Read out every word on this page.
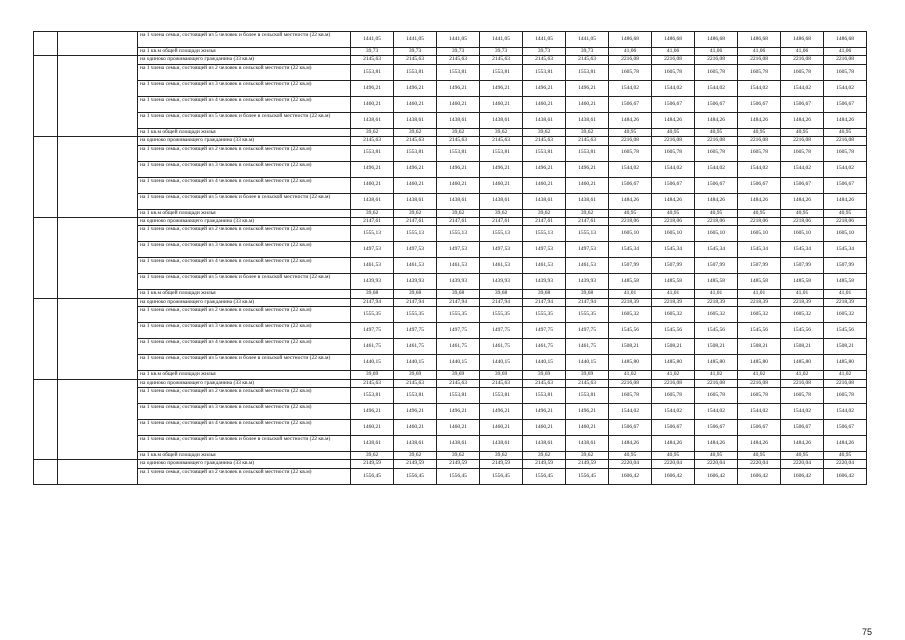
		на 1 члена семьи, состоящей из 5 человек и более в сельской местности (22 кв.м)	1441,05	1441,05	1441,05	1441,05	1441,05	1441,05	1486,68	1486,68	1486,68	1486,68	1486,68	1486,68
		на 1 кв.м общей площади жилья	39,73	39,73	39,73	39,73	39,73	39,73	41,06	41,06	41,06	41,06	41,06	41,06
		на одиноко проживающего гражданина (33 кв.м)	2145,63	2145,63	2145,63	2145,63	2145,63	2145,63	2216,08	2216,08	2216,08	2216,08	2216,08	2216,08
		на 1 члена семьи, состоящей из 2 человек в сельской местности (22 кв.м)	1553,81	1553,81	1553,81	1553,81	1553,81	1553,81	1605,78	1605,78	1605,78	1605,78	1605,78	1605,78
		на 1 члена семьи, состоящей из 3 человек в сельской местности (22 кв.м)	1496,21	1496,21	1496,21	1496,21	1496,21	1496,21	1544,02	1544,02	1544,02	1544,02	1544,02	1544,02
		на 1 члена семьи, состоящей из 4 человек в сельской местности (22 кв.м)	1460,21	1460,21	1460,21	1460,21	1460,21	1460,21	1506,67	1506,67	1506,67	1506,67	1506,67	1506,67
		на 1 члена семьи, состоящей из 5 человек и более в сельской местности (22 кв.м)	1438,61	1438,61	1438,61	1438,61	1438,61	1438,61	1484,26	1484,26	1484,26	1484,26	1484,26	1484,26
		на 1 кв.м общей площади жилья	39,62	39,62	39,62	39,62	39,62	39,62	40,95	40,95	40,95	40,95	40,95	40,95
		на одиноко проживающего гражданина (33 кв.м)	2145,63	2145,63	2145,63	2145,63	2145,63	2145,63	2216,08	2216,08	2216,08	2216,08	2216,08	2216,08
		на 1 члена семьи, состоящей из 2 человек в сельской местности (22 кв.м)	1553,81	1553,81	1553,81	1553,81	1553,81	1553,81	1605,78	1605,78	1605,78	1605,78	1605,78	1605,78
		на 1 члена семьи, состоящей из 3 человек в сельской местности (22 кв.м)	1496,21	1496,21	1496,21	1496,21	1496,21	1496,21	1544,02	1544,02	1544,02	1544,02	1544,02	1544,02
		на 1 члена семьи, состоящей из 4 человек в сельской местности (22 кв.м)	1460,21	1460,21	1460,21	1460,21	1460,21	1460,21	1506,67	1506,67	1506,67	1506,67	1506,67	1506,67
		на 1 члена семьи, состоящей из 5 человек и более в сельской местности (22 кв.м)	1438,61	1438,61	1438,61	1438,61	1438,61	1438,61	1484,26	1484,26	1484,26	1484,26	1484,26	1484,26
		на 1 кв.м общей площади жилья	39,62	39,62	39,62	39,62	39,62	39,62	40,95	40,95	40,95	40,95	40,95	40,95
		на одиноко проживающего гражданина (33 кв.м)	2147,61	2147,61	2147,61	2147,61	2147,61	2147,61	2218,06	2218,06	2218,06	2218,06	2218,06	2218,06
		на 1 члена семьи, состоящей из 2 человек в сельской местности (22 кв.м)	1555,13	1555,13	1555,13	1555,13	1555,13	1555,13	1605,10	1605,10	1605,10	1605,10	1605,10	1605,10
		на 1 члена семьи, состоящей из 3 человек в сельской местности (22 кв.м)	1497,53	1497,53	1497,53	1497,53	1497,53	1497,53	1545,34	1545,34	1545,34	1545,34	1545,34	1545,34
		на 1 члена семьи, состоящей из 4 человек в сельской местности (22 кв.м)	1461,53	1461,53	1461,53	1461,53	1461,53	1461,53	1507,99	1507,99	1507,99	1507,99	1507,99	1507,99
		на 1 члена семьи, состоящей из 5 человек и более в сельской местности (22 кв.м)	1439,93	1439,93	1439,93	1439,93	1439,93	1439,93	1485,58	1485,58	1485,58	1485,58	1485,58	1485,58
		на 1 кв.м общей площади жилья	39,68	39,68	39,68	39,68	39,68	39,68	41,01	41,01	41,01	41,01	41,01	41,01
		на одиноко проживающего гражданина (33 кв.м)	2147,94	2147,94	2147,94	2147,94	2147,94	2147,94	2218,39	2218,39	2218,39	2218,39	2218,39	2218,39
		на 1 члена семьи, состоящей из 2 человек в сельской местности (22 кв.м)	1555,35	1555,35	1555,35	1555,35	1555,35	1555,35	1605,32	1605,32	1605,32	1605,32	1605,32	1605,32
		на 1 члена семьи, состоящей из 3 человек в сельской местности (22 кв.м)	1497,75	1497,75	1497,75	1497,75	1497,75	1497,75	1545,56	1545,56	1545,56	1545,56	1545,56	1545,56
		на 1 члена семьи, состоящей из 4 человек в сельской местности (22 кв.м)	1461,75	1461,75	1461,75	1461,75	1461,75	1461,75	1508,21	1508,21	1508,21	1508,21	1508,21	1508,21
		на 1 члена семьи, состоящей из 5 человек и более в сельской местности (22 кв.м)	1440,15	1440,15	1440,15	1440,15	1440,15	1440,15	1485,80	1485,80	1485,80	1485,80	1485,80	1485,80
		на 1 кв.м общей площади жилья	39,69	39,69	39,69	39,69	39,69	39,69	41,02	41,02	41,02	41,02	41,02	41,02
		на одиноко проживающего гражданина (33 кв.м)	2145,63	2145,63	2145,63	2145,63	2145,63	2145,63	2216,08	2216,08	2216,08	2216,08	2216,08	2216,08
		на 1 члена семьи, состоящей из 2 человек в сельской местности (22 кв.м)	1553,81	1553,81	1553,81	1553,81	1553,81	1553,81	1605,78	1605,78	1605,78	1605,78	1605,78	1605,78
		на 1 члена семьи, состоящей из 3 человек в сельской местности (22 кв.м)	1496,21	1496,21	1496,21	1496,21	1496,21	1496,21	1544,02	1544,02	1544,02	1544,02	1544,02	1544,02
		на 1 члена семьи, состоящей из 4 человек в сельской местности (22 кв.м)	1460,21	1460,21	1460,21	1460,21	1460,21	1460,21	1506,67	1506,67	1506,67	1506,67	1506,67	1506,67
		на 1 члена семьи, состоящей из 5 человек и более в сельской местности (22 кв.м)	1438,61	1438,61	1438,61	1438,61	1438,61	1438,61	1484,26	1484,26	1484,26	1484,26	1484,26	1484,26
		на 1 кв.м общей площади жилья	39,62	39,62	39,62	39,62	39,62	39,62	40,95	40,95	40,95	40,95	40,95	40,95
		на одиноко проживающего гражданина (33 кв.м)	2149,59	2149,59	2149,59	2149,59	2149,59	2149,59	2220,04	2220,04	2220,04	2220,04	2220,04	2220,04
		на 1 члена семьи, состоящей из 2 человек в сельской местности (22 кв.м)	1556,45	1556,45	1556,45	1556,45	1556,45	1556,45	1606,42	1606,42	1606,42	1606,42	1606,42	1606,42
75
